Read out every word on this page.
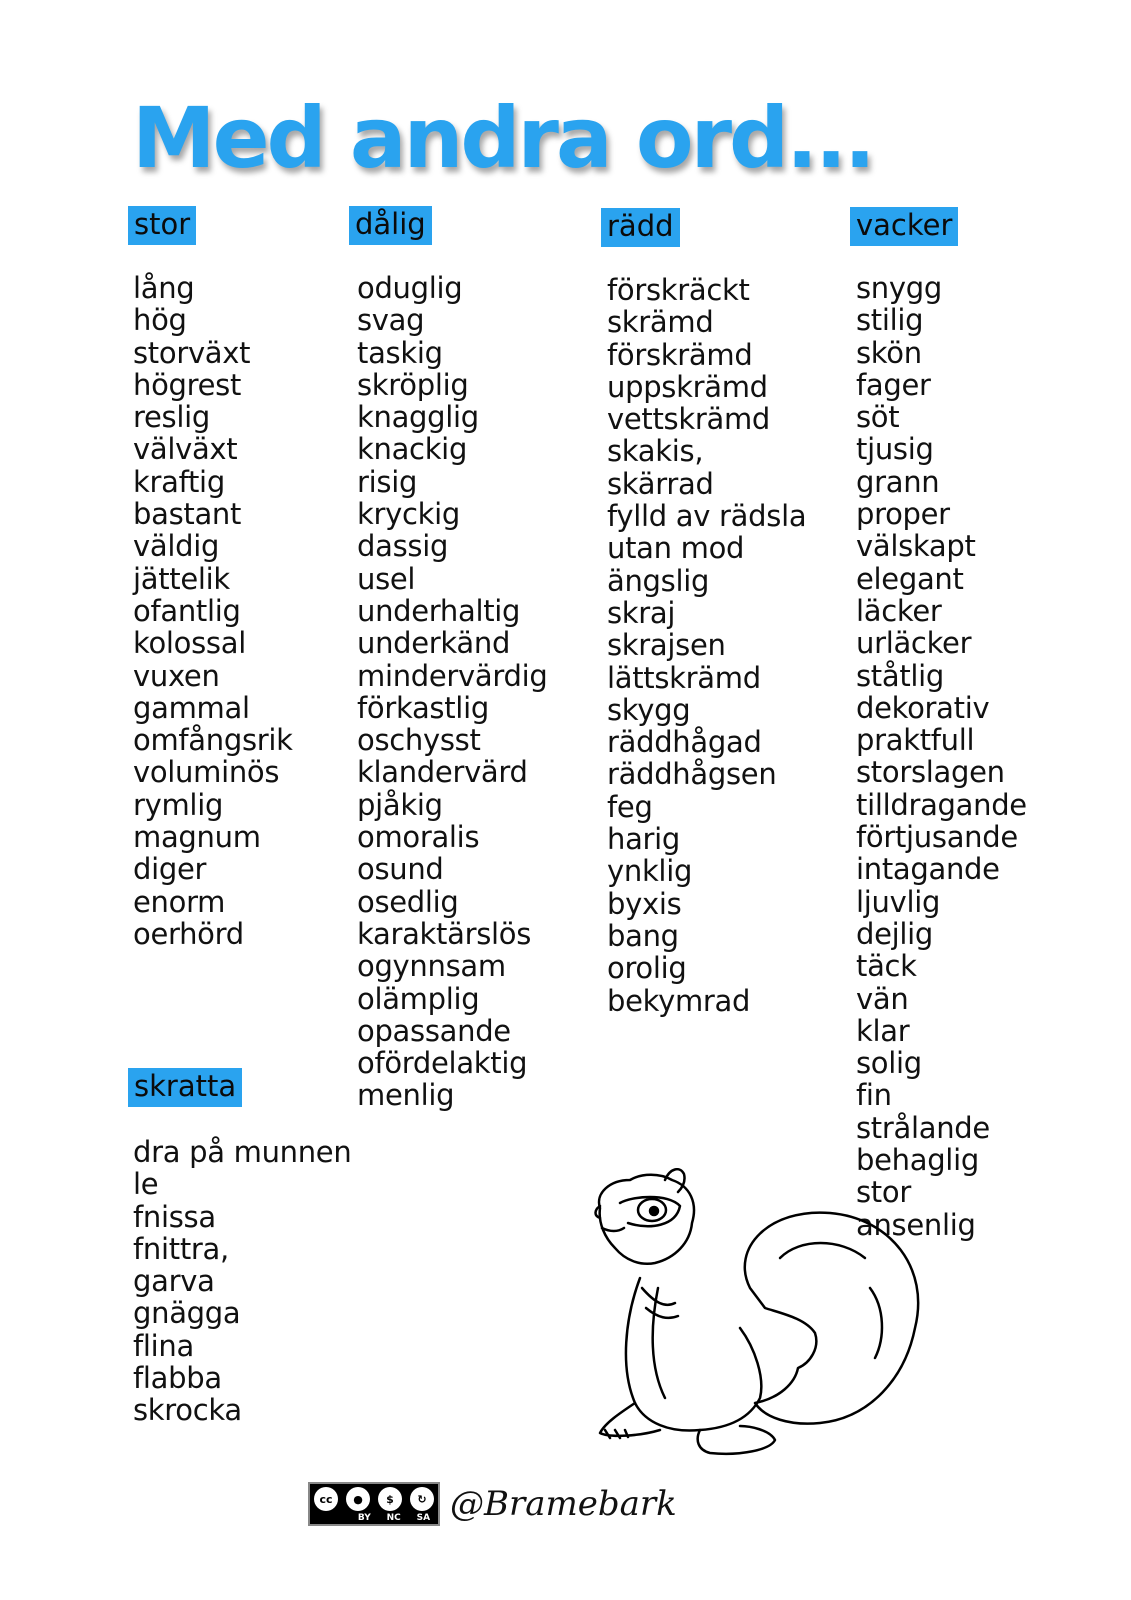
Med andra ord...
stor
lång
hög
storväxt
högrest
reslig
välväxt
kraftig
bastant
väldig
jättelik
ofantlig
kolossal
vuxen
gammal
omfångsrik
voluminös
rymlig
magnum
diger
enorm
oerhörd
dålig
oduglig
svag
taskig
skröplig
knagglig
knackig
risig
kryckig
dassig
usel
underhaltig
underkänd
mindervärdig
förkastlig
oschysst
klandervärd
pjåkig
omoralis
osund
osedlig
karaktärslös
ogynnsam
olämplig
opassande
ofördelaktig
menlig
rädd
förskräckt
skrämd
förskrämd
uppskrämd
vettskrämd
skakis,
skärrad
fylld av rädsla
utan mod
ängslig
skraj
skrajsen
lättskrämd
skygg
räddhågad
räddhågsen
feg
harig
ynklig
byxis
bang
orolig
bekymrad
vacker
snygg
stilig
skön
fager
söt
tjusig
grann
proper
välskapt
elegant
läcker
urläcker
ståtlig
dekorativ
praktfull
storslagen
tilldragande
förtjusande
intagande
ljuvlig
dejlig
täck
vän
klar
solig
fin
strålande
behaglig
stor
ansenlig
skratta
dra på munnen
le
fnissa
fnittra,
garva
gnägga
flina
flabba
skrocka
cc	●	$	↻
BY NC SA @Bramebark
